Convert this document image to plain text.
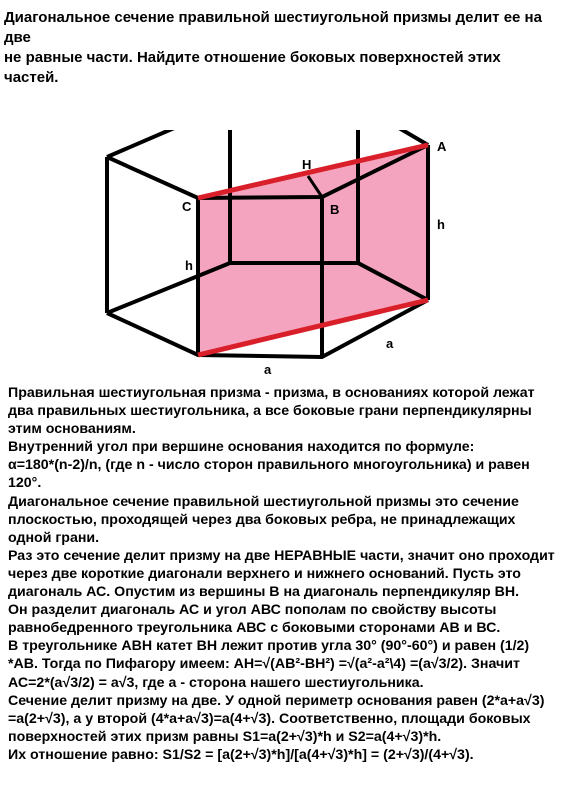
Диагональное сечение правильной шестиугольной призмы делит ее на две

не равные части. Найдите отношение боковых поверхностей этих частей.

A
B
C
H
h
h
a
a

Правильная шестиугольная призма - призма, в основаниях которой лежат

два правильных шестиугольника, а все боковые грани перпендикулярны

этим основаниям.

Внутренний угол при вершине основания находится по формуле:

α=180*(n-2)/n, (где n - число сторон правильного многоугольника) и равен

120°.

Диагональное сечение правильной шестиугольной призмы это сечение

плоскостью, проходящей через два боковых ребра, не принадлежащих

одной грани.

Раз это сечение делит призму на две НЕРАВНЫЕ части, значит оно проходит

через две короткие диагонали верхнего и нижнего оснований. Пусть это

диагональ АС. Опустим из вершины В на диагональ перпендикуляр ВН.

Он разделит диагональ АС и угол АВС пополам по свойству высоты

равнобедренного треугольника АВС с боковыми сторонами АВ и ВС.

В треугольнике АВН катет ВН лежит против угла 30° (90°-60°) и равен (1/2)

*АВ. Тогда по Пифагору имеем: АН=√(АВ²-ВН²) =√(a²-a²\4) =(a√3/2). Значит

АС=2*(a√3/2) = a√3, где a - сторона нашего шестиугольника.

Сечение делит призму на две. У одной периметр основания равен (2*a+a√3)

=a(2+√3), а у второй (4*a+a√3)=a(4+√3). Соответственно, площади боковых

поверхностей этих призм равны S1=a(2+√3)*h и S2=a(4+√3)*h.

Их отношение равно: S1/S2 = [a(2+√3)*h]/[a(4+√3)*h] = (2+√3)/(4+√3).
